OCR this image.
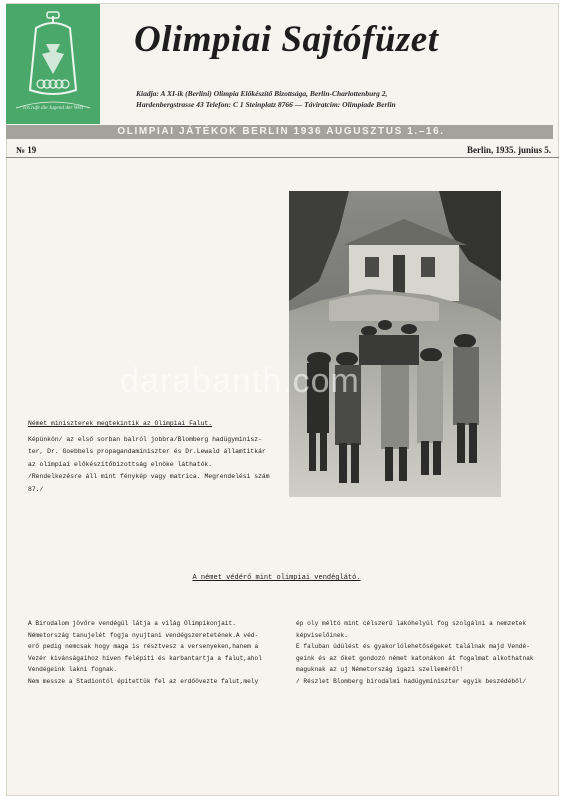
Ich rufe die Jugend der Welt
Olimpiai Sajtófüzet
Kiadja: A XI-ik (Berlini) Olimpia Előkészítő Bizottsága, Berlin-Charlottenburg 2,
Hardenbergstrasse 43 Telefon: C 1 Steinplatz 8766 — Táviratcím: Olimpiade Berlin
OLIMPIAI JÁTÉKOK BERLIN 1936 AUGUSZTUS 1.–16.
№ 19	Berlin, 1935. junius 5.
Német miniszterek megtekintik az Olimpiai Falut.
Képünkön/ az első sorban balról jobbra/Blomberg hadügyminisz-
ter, Dr. Goebbels propagandaminiszter és Dr.Lewald államtitkár
az olimpiai előkészítőbizottság elnöke láthatók.
/Rendelkezésre áll mint fénykép vagy matrica. Megrendelési szám
87./
A német védérő mint olimpiai vendéglátó.
A Birodalom jövőre vendégül látja a világ Olimpikonjait.
Németország tanujelét fogja nyujtani vendégszeretetének.A véd-
erő pedig nemcsak hogy maga is résztvesz a versenyeken,hanem a
Vezér kivánságaihoz híven felépíti és karbantartja a falut,ahol
Vendégeink lakni fognak.
Nem messze a Stadiontól épitettük fel az erdőövezte falut,mely
ép oly méltó mint célszerű lakóhelyül fog szolgálni a nemzetek
képviselőinek.
E faluban üdülést és gyakorlólehetőségeket találnak majd Vendé-
geink és az őket gondozó német katonákon át fogalmat alkothatnak
maguknak az uj Németország igazi szelleméről!
/ Részlet Blomberg birodalmi hadügyminiszter egyik beszédéből/
darabanth.com
